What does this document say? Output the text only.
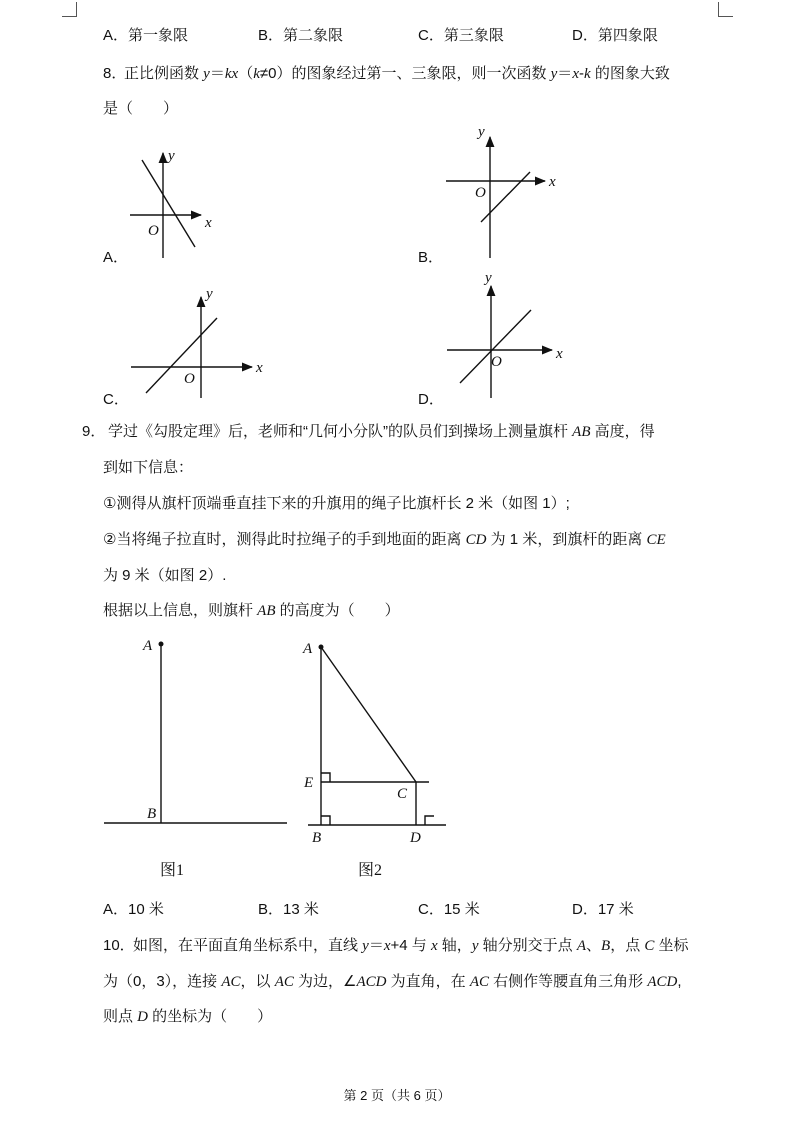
A．第一象限	B．第二象限	C．第三象限	D．第四象限
8．
正比例函数 y＝kx（k≠0）的图象经过第一、三象限，则一次函数 y＝x-k 的图象大致
是（　　）
y
x
O
y
x
O
y
x
O
y
x
O
A．	B．
C．	D．
9． 学过《勾股定理》后，老师和“几何小分队”的队员们到操场上测量旗杆 AB 高度，得
到如下信息：
①测得从旗杆顶端垂直挂下来的升旗用的绳子比旗杆长 2 米（如图 1）;
②当将绳子拉直时，测得此时拉绳子的手到地面的距离 CD 为 1 米，到旗杆的距离 CE
为 9 米（如图 2）.
根据以上信息，则旗杆 AB 的高度为（　　）
A
B
A
E
C
B	D
图1	图2
A．10 米	B．13 米	C．15 米	D．17 米
10．
如图，在平面直角坐标系中，直线 y＝x+4 与 x 轴，y 轴分别交于点 A、B，点 C 坐标
为（0，3），连接 AC，以 AC 为边，∠ACD 为直角，在 AC 右侧作等腰直角三角形 ACD,
则点 D 的坐标为（　　）
第 2 页（共 6 页）
